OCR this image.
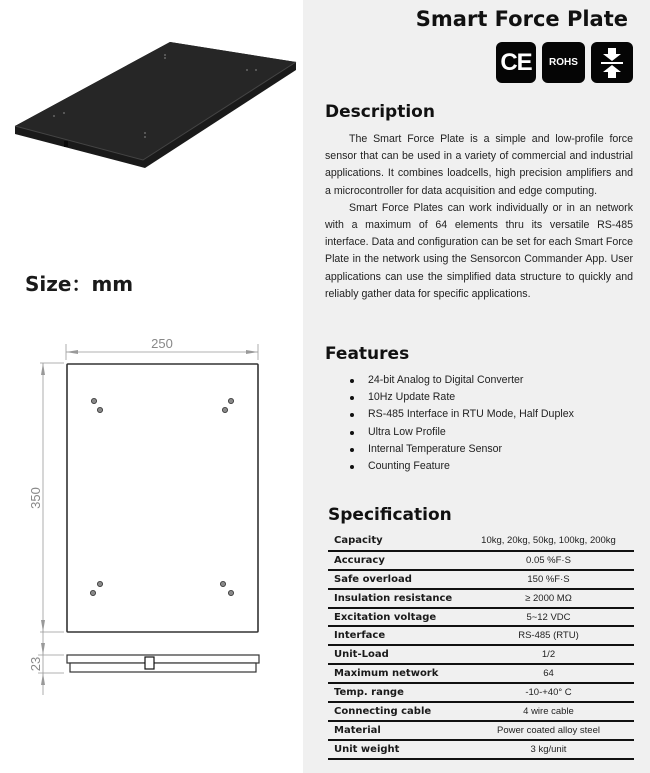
Size：mm
250
350
23
Smart Force Plate
CE ROHS
Description

The Smart Force Plate is a simple and low-profile force sensor that can be used in a variety of commercial and industrial applications. It combines loadcells, high precision amplifiers and a microcontroller for data acquisition and edge computing.

Smart Force Plates can work individually or in an network with a maximum of 64 elements thru its versatile RS-485 interface. Data and configuration can be set for each Smart Force Plate in the network using the Sensorcon Commander App. User applications can use the simplified data structure to quickly and reliably gather data for specific applications.

Features
24-bit Analog to Digital Converter
10Hz Update Rate
RS-485 Interface in RTU Mode, Half Duplex
Ultra Low Profile
Internal Temperature Sensor
Counting Feature
Specification
Capacity	10kg, 20kg, 50kg, 100kg, 200kg
Accuracy	0.05 %F·S
Safe overload	150 %F·S
Insulation resistance	≥ 2000 MΩ
Excitation voltage	5~12 VDC
Interface	RS-485 (RTU)
Unit-Load	1/2
Maximum network	64
Temp. range	-10-+40° C
Connecting cable	4 wire cable
Material	Power coated alloy steel
Unit weight	3 kg/unit
